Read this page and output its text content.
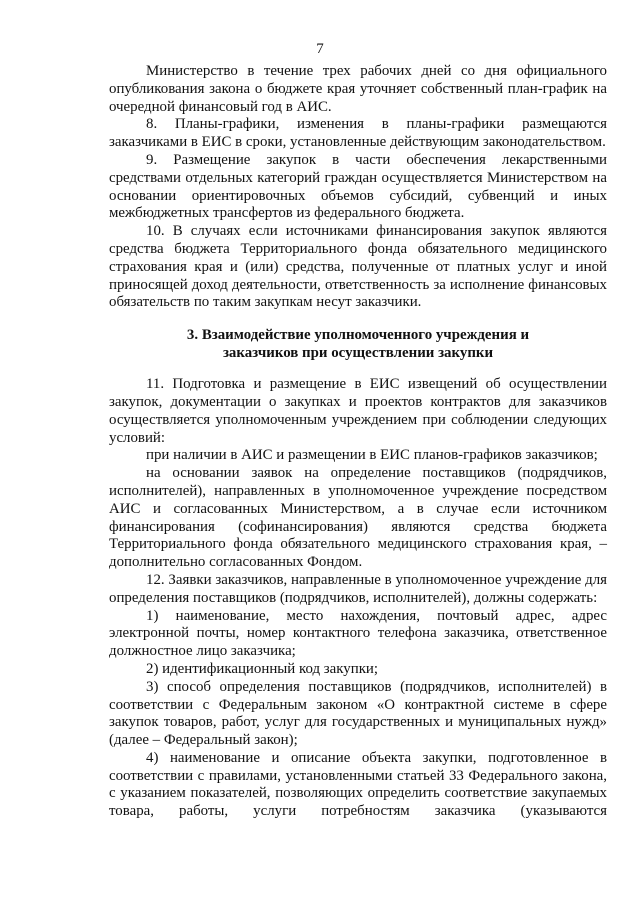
7

Министерство в течение трех рабочих дней со дня официального опубликования закона о бюджете края уточняет собственный план-график на очередной финансовый год в АИС.

8. Планы-графики, изменения в планы-графики размещаются заказчиками в ЕИС в сроки, установленные действующим законодательством.

9. Размещение закупок в части обеспечения лекарственными средствами отдельных категорий граждан осуществляется Министерством на основании ориентировочных объемов субсидий, субвенций и иных межбюджетных трансфертов из федерального бюджета.

10. В случаях если источниками финансирования закупок являются средства бюджета Территориального фонда обязательного медицинского страхования края и (или) средства, полученные от платных услуг и иной приносящей доход деятельности, ответственность за исполнение финансовых обязательств по таким закупкам несут заказчики.

3. Взаимодействие уполномоченного учреждения и
заказчиков при осуществлении закупки

11. Подготовка и размещение в ЕИС извещений об осуществлении закупок, документации о закупках и проектов контрактов для заказчиков осуществляется уполномоченным учреждением при соблюдении следующих условий:

при наличии в АИС и размещении в ЕИС планов-графиков заказчиков;

на основании заявок на определение поставщиков (подрядчиков, исполнителей), направленных в уполномоченное учреждение посредством АИС и согласованных Министерством, а в случае если источником финансирования (софинансирования) являются средства бюджета Территориального фонда обязательного медицинского страхования края, – дополнительно согласованных Фондом.

12. Заявки заказчиков, направленные в уполномоченное учреждение для определения поставщиков (подрядчиков, исполнителей), должны содержать:

1) наименование, место нахождения, почтовый адрес, адрес электронной почты, номер контактного телефона заказчика, ответственное должностное лицо заказчика;

2) идентификационный код закупки;

3) способ определения поставщиков (подрядчиков, исполнителей) в соответствии с Федеральным законом «О контрактной системе в сфере закупок товаров, работ, услуг для государственных и муниципальных нужд» (далее – Федеральный закон);

4) наименование и описание объекта закупки, подготовленное в соответствии с правилами, установленными статьей 33 Федерального закона, с указанием показателей, позволяющих определить соответствие закупаемых товара, работы, услуги потребностям заказчика (указываются
